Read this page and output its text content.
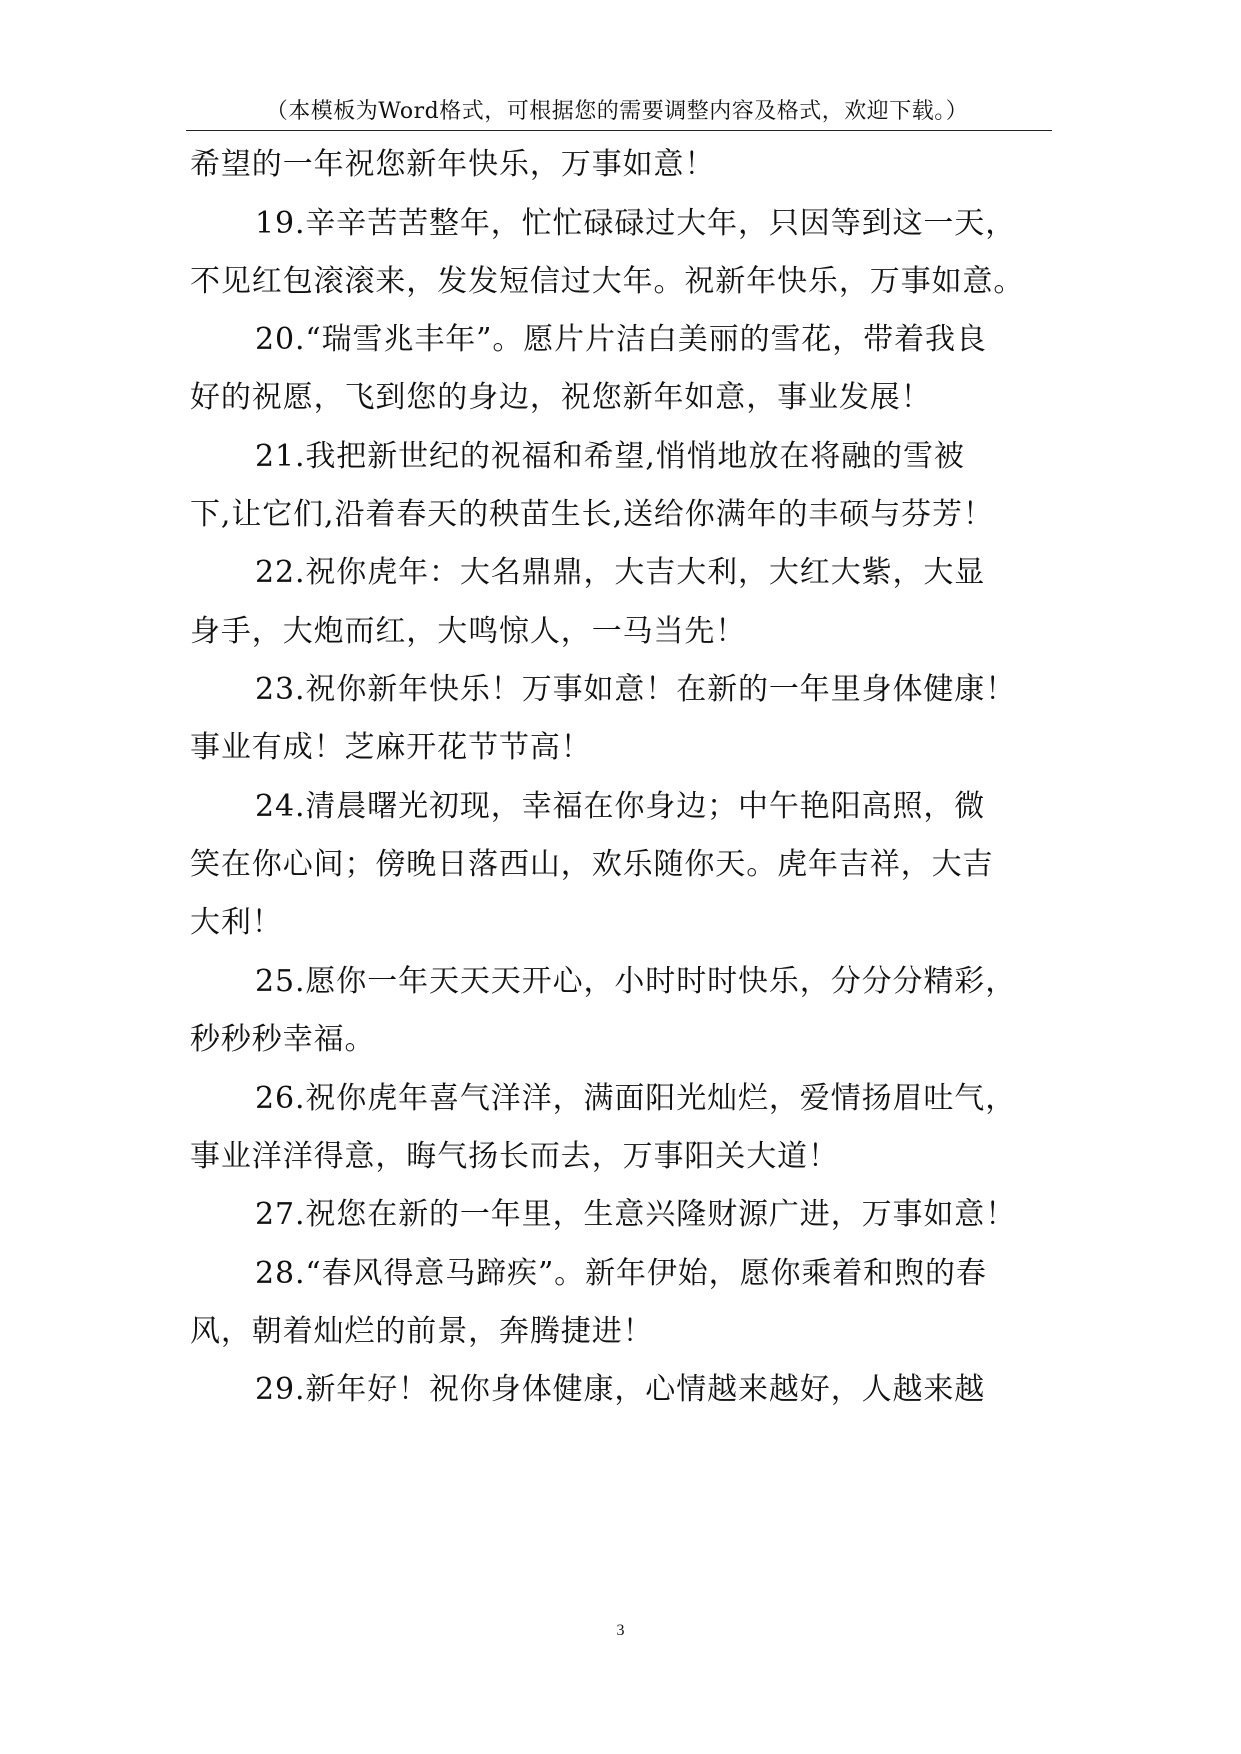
（本模板为Word格式，可根据您的需要调整内容及格式，欢迎下载。）
希望的一年祝您新年快乐，万事如意！
19.辛辛苦苦整年，忙忙碌碌过大年，只因等到这一天，
不见红包滚滚来，发发短信过大年。祝新年快乐，万事如意。
20.“瑞雪兆丰年”。愿片片洁白美丽的雪花，带着我良
好的祝愿，飞到您的身边，祝您新年如意，事业发展！
21.我把新世纪的祝福和希望,悄悄地放在将融的雪被
下,让它们,沿着春天的秧苗生长,送给你满年的丰硕与芬芳！
22.祝你虎年：大名鼎鼎，大吉大利，大红大紫，大显
身手，大炮而红，大鸣惊人，一马当先！
23.祝你新年快乐！万事如意！在新的一年里身体健康！
事业有成！芝麻开花节节高！
24.清晨曙光初现，幸福在你身边；中午艳阳高照，微
笑在你心间；傍晚日落西山，欢乐随你天。虎年吉祥，大吉
大利！
25.愿你一年天天天开心，小时时时快乐，分分分精彩，
秒秒秒幸福。
26.祝你虎年喜气洋洋，满面阳光灿烂，爱情扬眉吐气，
事业洋洋得意，晦气扬长而去，万事阳关大道！
27.祝您在新的一年里，生意兴隆财源广进，万事如意！
28.“春风得意马蹄疾”。新年伊始，愿你乘着和煦的春
风，朝着灿烂的前景，奔腾捷进！
29.新年好！祝你身体健康，心情越来越好，人越来越
3
